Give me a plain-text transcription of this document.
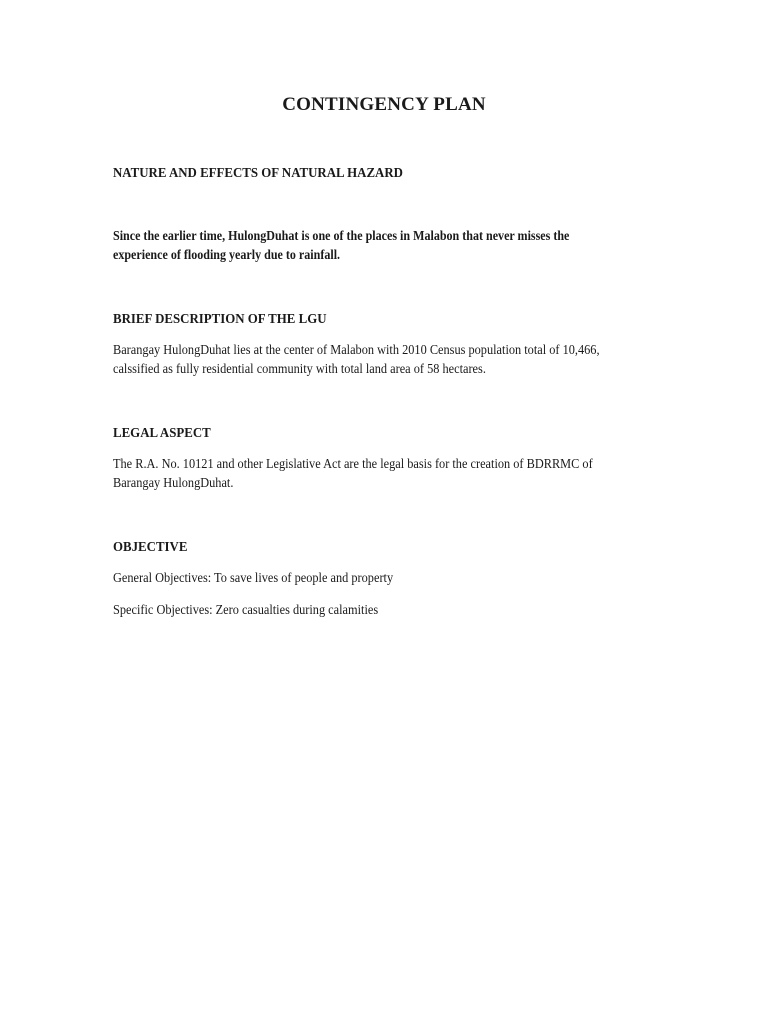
CONTINGENCY PLAN
NATURE AND EFFECTS OF NATURAL HAZARD
Since the earlier time, HulongDuhat is one of the places in Malabon that never misses the
experience of flooding yearly due to rainfall.
BRIEF DESCRIPTION OF THE LGU
Barangay HulongDuhat lies at the center of Malabon with 2010 Census population total of 10,466,
calssified as fully residential community with total land area of 58 hectares.
LEGAL ASPECT
The R.A. No. 10121 and other Legislative Act are the legal basis for the creation of BDRRMC of
Barangay HulongDuhat.
OBJECTIVE
General Objectives: To save lives of people and property
Specific Objectives: Zero casualties during calamities
